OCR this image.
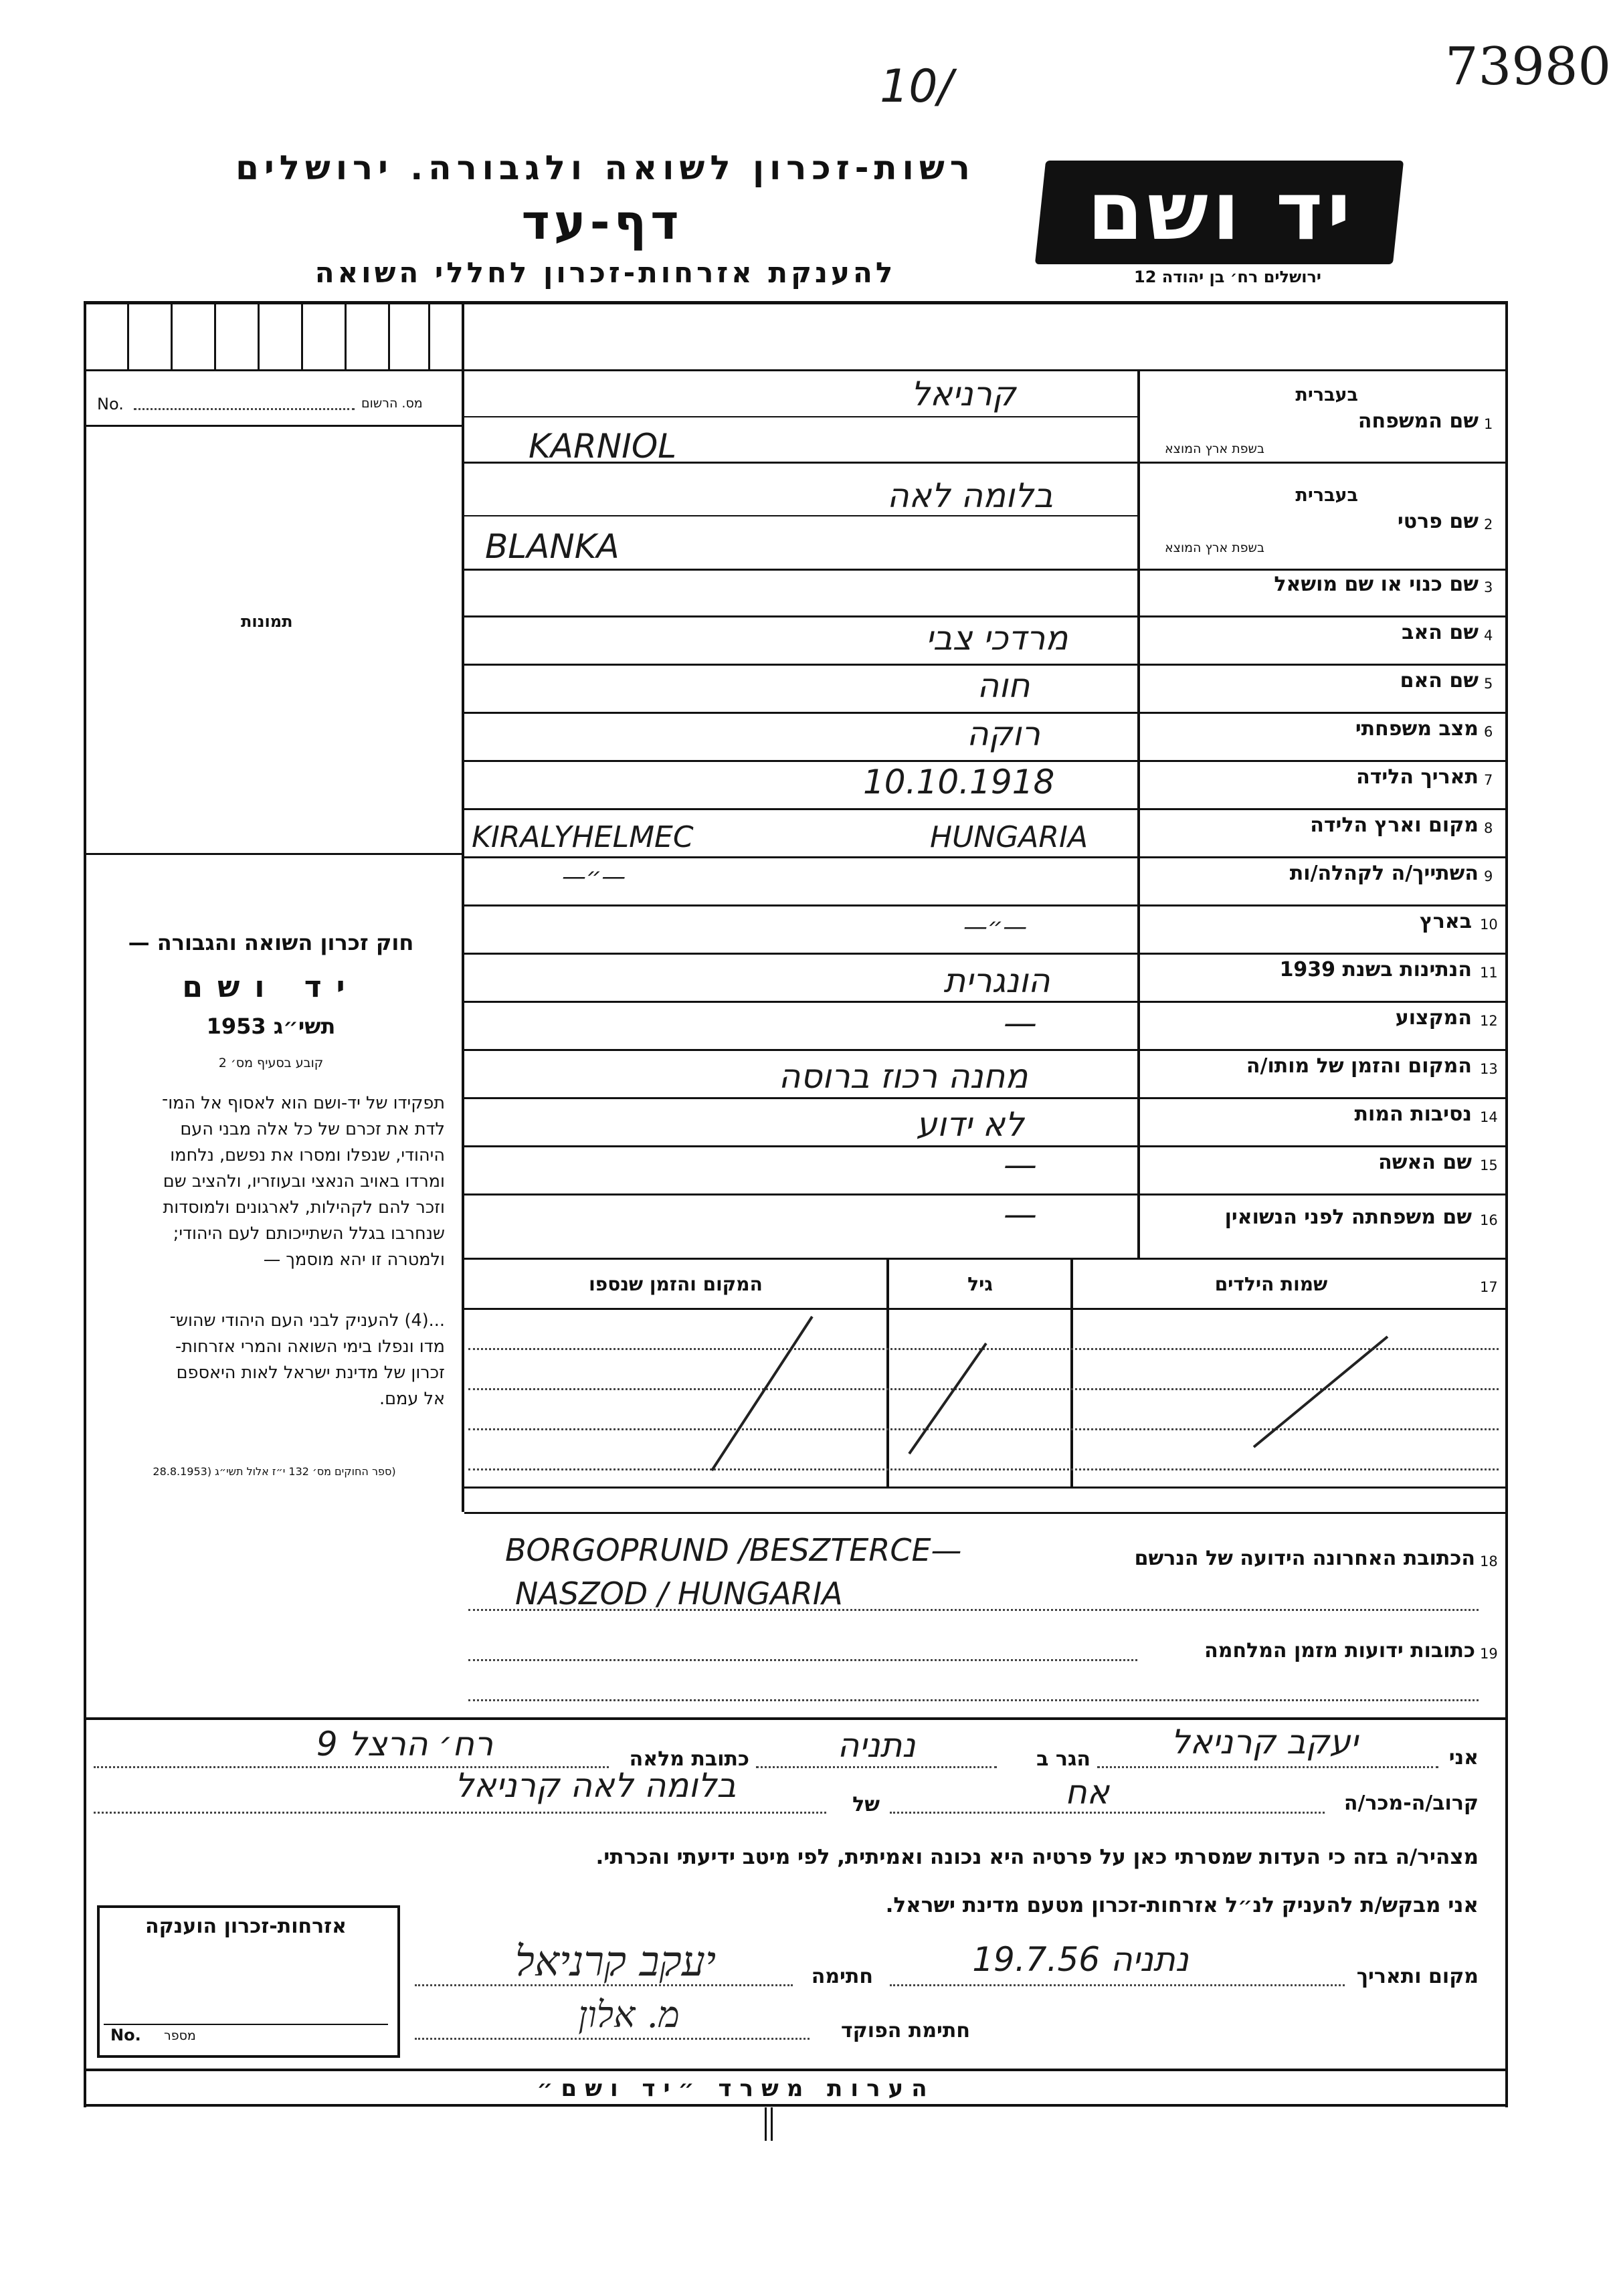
73980
10/
רשות-זכרון לשואה ולגבורה. ירושלים
דף-עד
להענקת אזרחות-זכרון לחללי השואה
יד ושם
ירושלים רח׳ בן יהודה 12
No.	מס. הרשום
תמונות
חוק זכרון השואה והגבורה —
יד ושם
תשי״ג 1953
קובע בסעיף מס׳ 2
תפקידו של יד-ושם הוא לאסוף אל המו־
לדת את זכרם של כל אלה מבני העם
היהודי, שנפלו ומסרו את נפשם, נלחמו
ומרדו באויב הנאצי ובעוזריו, ולהציב שם
וזכר להם לקהילות, לארגונים ולמוסדות
שנחרבו בגלל השתייכותם לעם היהודי;
ולמטרה זו יהא מוסמך —
...(4) להעניק לבני העם היהודי שהוש־
מדו ונפלו בימי השואה והמרי אזרחות-
זכרון של מדינת ישראל לאות היאספם
אל עמם.
(ספר החוקים מס׳ 132 י״ז אלול תשי״ג (28.8.1953
1
שם המשפחה
בעברית
בשפת ארץ המוצא
קרניאל
KARNIOL
2
שם פרטי
בעברית
בשפת ארץ המוצא
בלומה לאה
BLANKA
3
שם כנוי או שם מושאל
4
שם האב
מרדכי צבי
5
שם האם
חוה
6
מצב משפחתי
רוקה
7
תאריך הלידה
10.10.1918
8
מקום וארץ הלידה
KIRALYHELMEC	HUNGARIA
9
השתייך/ה לקהלה/ות
—״—
10
בארץ
—״—
11
הנתינות בשנת 1939
הונגרית
12
המקצוע
—
13
המקום והזמן של מותו/ה
מחנה רכוז ברוסה
14
נסיבות המות
לא ידוע
15
שם האשה
—
16
שם משפחתה לפני הנשואין
—
17
שמות הילדים
גיל
המקום והזמן שנספו
18
הכתובת האחרונה הידועה של הנרשם
BORGOPRUND /BESZTERCE—
NASZOD / HUNGARIA
19
כתובות ידועות מזמן המלחמה
אני
יעקב קרניאל
הגר ב
נתניה
כתובת מלאה
רח׳ הרצל 9
קרוב/ה-מכר/ה
אח
של
בלומה לאה קרניאל
מצהיר/ה בזה כי העדות שמסרתי כאן על פרטיה היא נכונה ואמיתית, לפי מיטב ידיעתי והכרתי.
אני מבקש/ת להעניק לנ״ל אזרחות-זכרון מטעם מדינת ישראל.
מקום ותאריך
נתניה 19.7.56
חתימה
יעקב קרניאל
חתימת הפוקד
מ. אלון
אזרחות-זכרון הוענקה
No. מספר
הערות משרד ״יד ושם״
